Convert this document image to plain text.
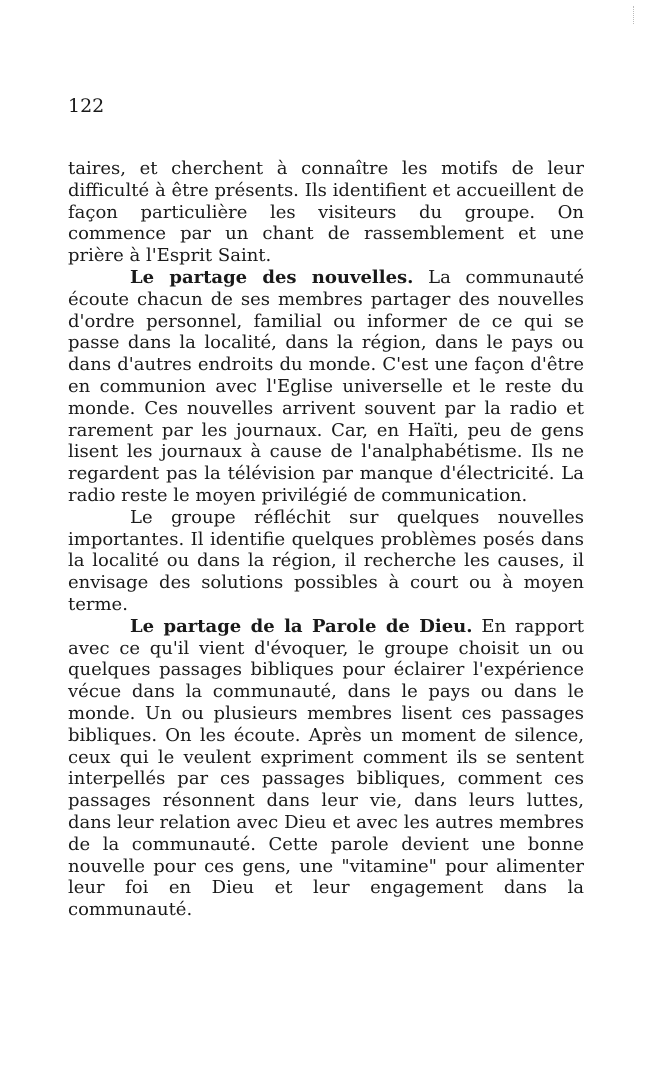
122

taires, et cherchent à connaître les motifs de leur difficulté à être présents. Ils identifient et accueillent de façon particulière les visiteurs du groupe. On commence par un chant de rassemblement et une prière à l'Esprit Saint.

Le partage des nouvelles. La communauté écoute chacun de ses membres partager des nouvelles d'ordre personnel, familial ou informer de ce qui se passe dans la localité, dans la région, dans le pays ou dans d'autres endroits du monde. C'est une façon d'être en communion avec l'Eglise universelle et le reste du monde. Ces nouvelles arrivent souvent par la radio et rarement par les journaux. Car, en Haïti, peu de gens lisent les journaux à cause de l'analphabétisme. Ils ne regardent pas la télévision par manque d'électricité. La radio reste le moyen privilégié de communication.

Le groupe réfléchit sur quelques nouvelles importantes. Il identifie quelques problèmes posés dans la localité ou dans la région, il recherche les causes, il envisage des solutions possibles à court ou à moyen terme.

Le partage de la Parole de Dieu. En rapport avec ce qu'il vient d'évoquer, le groupe choisit un ou quelques passages bibliques pour éclairer l'expérience vécue dans la communauté, dans le pays ou dans le monde. Un ou plusieurs membres lisent ces passages bibliques. On les écoute. Après un moment de silence, ceux qui le veulent expriment comment ils se sentent interpellés par ces passages bibliques, comment ces passages résonnent dans leur vie, dans leurs luttes, dans leur relation avec Dieu et avec les autres membres de la communauté. Cette parole devient une bonne nouvelle pour ces gens, une "vitamine" pour alimenter leur foi en Dieu et leur engagement dans la communauté.
